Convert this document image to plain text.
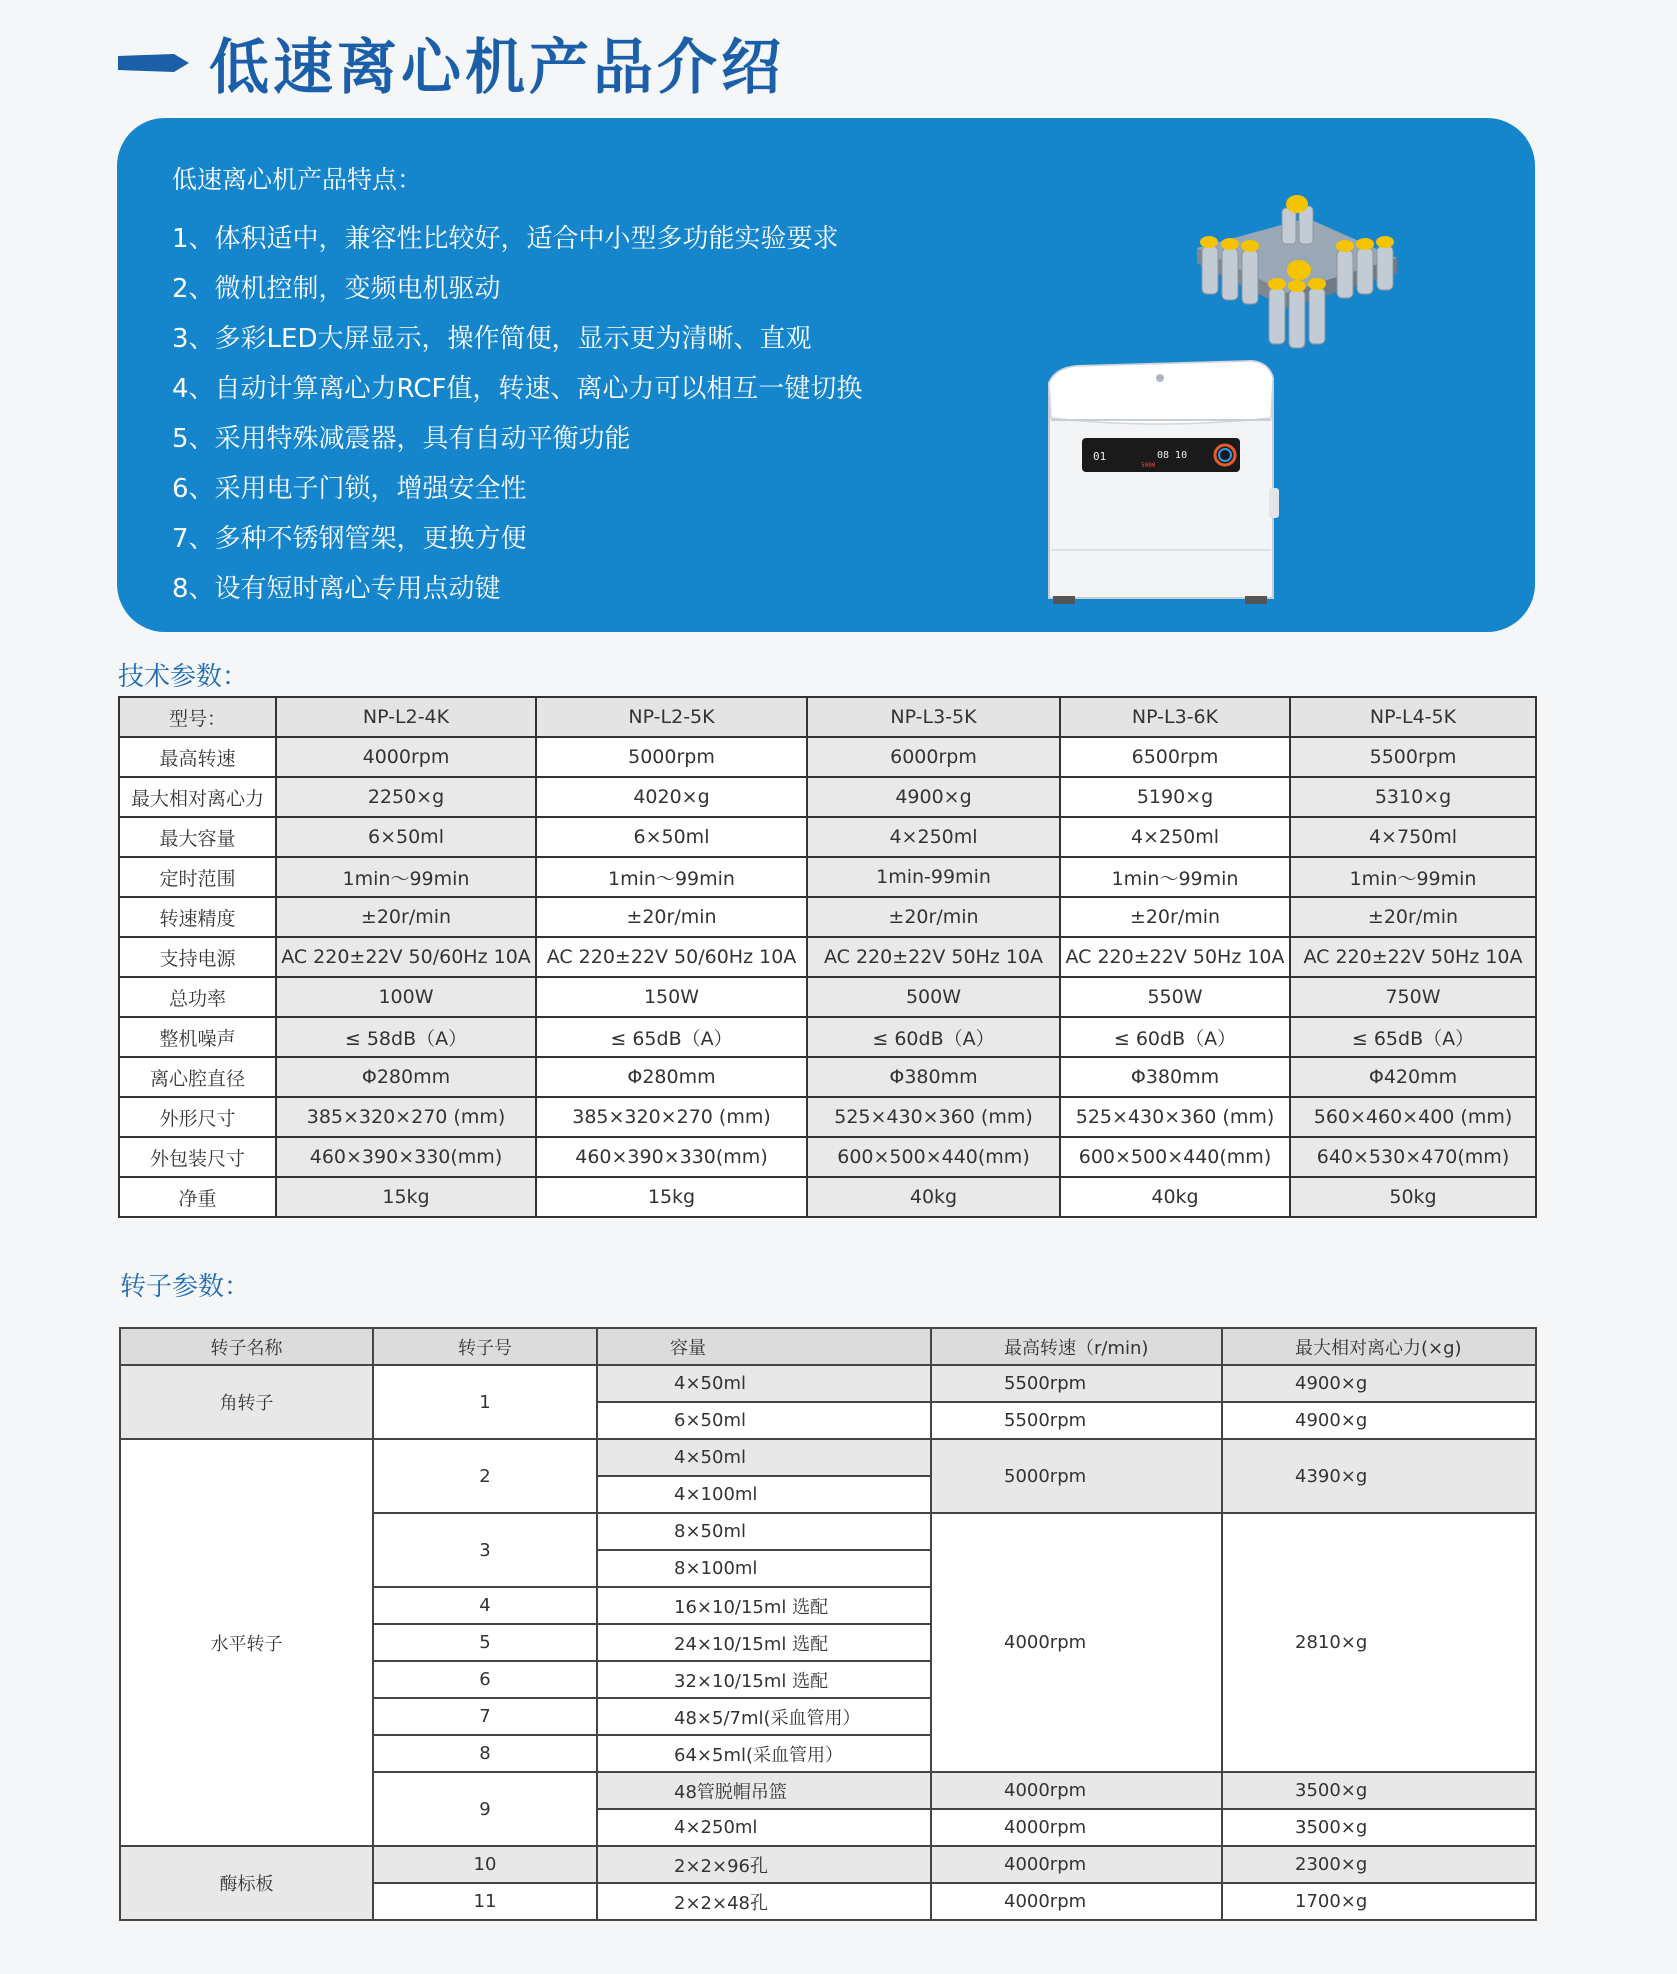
低速离心机产品介绍
低速离心机产品特点：
1、体积适中，兼容性比较好，适合中小型多功能实验要求
2、微机控制，变频电机驱动
3、多彩LED大屏显示，操作简便，显示更为清晰、直观
4、自动计算离心力RCF值，转速、离心力可以相互一键切换
5、采用特殊减震器，具有自动平衡功能
6、采用电子门锁，增强安全性
7、多种不锈钢管架，更换方便
8、设有短时离心专用点动键
01	08 10
5000
技术参数：
型号：	NP-L2-4K	NP-L2-5K	NP-L3-5K	NP-L3-6K	NP-L4-5K
最高转速	4000rpm	5000rpm	6000rpm	6500rpm	5500rpm
最大相对离心力	2250×g	4020×g	4900×g	5190×g	5310×g
最大容量	6×50ml	6×50ml	4×250ml	4×250ml	4×750ml
定时范围	1min～99min	1min～99min	1min-99min	1min～99min	1min～99min
转速精度	±20r/min	±20r/min	±20r/min	±20r/min	±20r/min
支持电源	AC 220±22V 50/60Hz 10A	AC 220±22V 50/60Hz 10A	AC 220±22V 50Hz 10A	AC 220±22V 50Hz 10A	AC 220±22V 50Hz 10A
总功率	100W	150W	500W	550W	750W
整机噪声	≤ 58dB（A）	≤ 65dB（A）	≤ 60dB（A）	≤ 60dB（A）	≤ 65dB（A）
离心腔直径	Φ280mm	Φ280mm	Φ380mm	Φ380mm	Φ420mm
外形尺寸	385×320×270 (mm)	385×320×270 (mm)	525×430×360 (mm)	525×430×360 (mm)	560×460×400 (mm)
外包装尺寸	460×390×330(mm)	460×390×330(mm)	600×500×440(mm)	600×500×440(mm)	640×530×470(mm)
净重	15kg	15kg	40kg	40kg	50kg
转子参数：
转子名称	转子号	容量	最高转速（r/min)	最大相对离心力(×g)
角转子	1	4×50ml	5500rpm	4900×g
		6×50ml	5500rpm	4900×g
水平转子	2	4×50ml	5000rpm	4390×g
		4×100ml		
	3	8×50ml	4000rpm	2810×g
		8×100ml		
	4	16×10/15ml 选配		
	5	24×10/15ml 选配		
	6	32×10/15ml 选配		
	7	48×5/7ml(采血管用）		
	8	64×5ml(采血管用）		
	9	48管脱帽吊篮	4000rpm	3500×g
		4×250ml	4000rpm	3500×g
酶标板	10	2×2×96孔	4000rpm	2300×g
	11	2×2×48孔	4000rpm	1700×g
